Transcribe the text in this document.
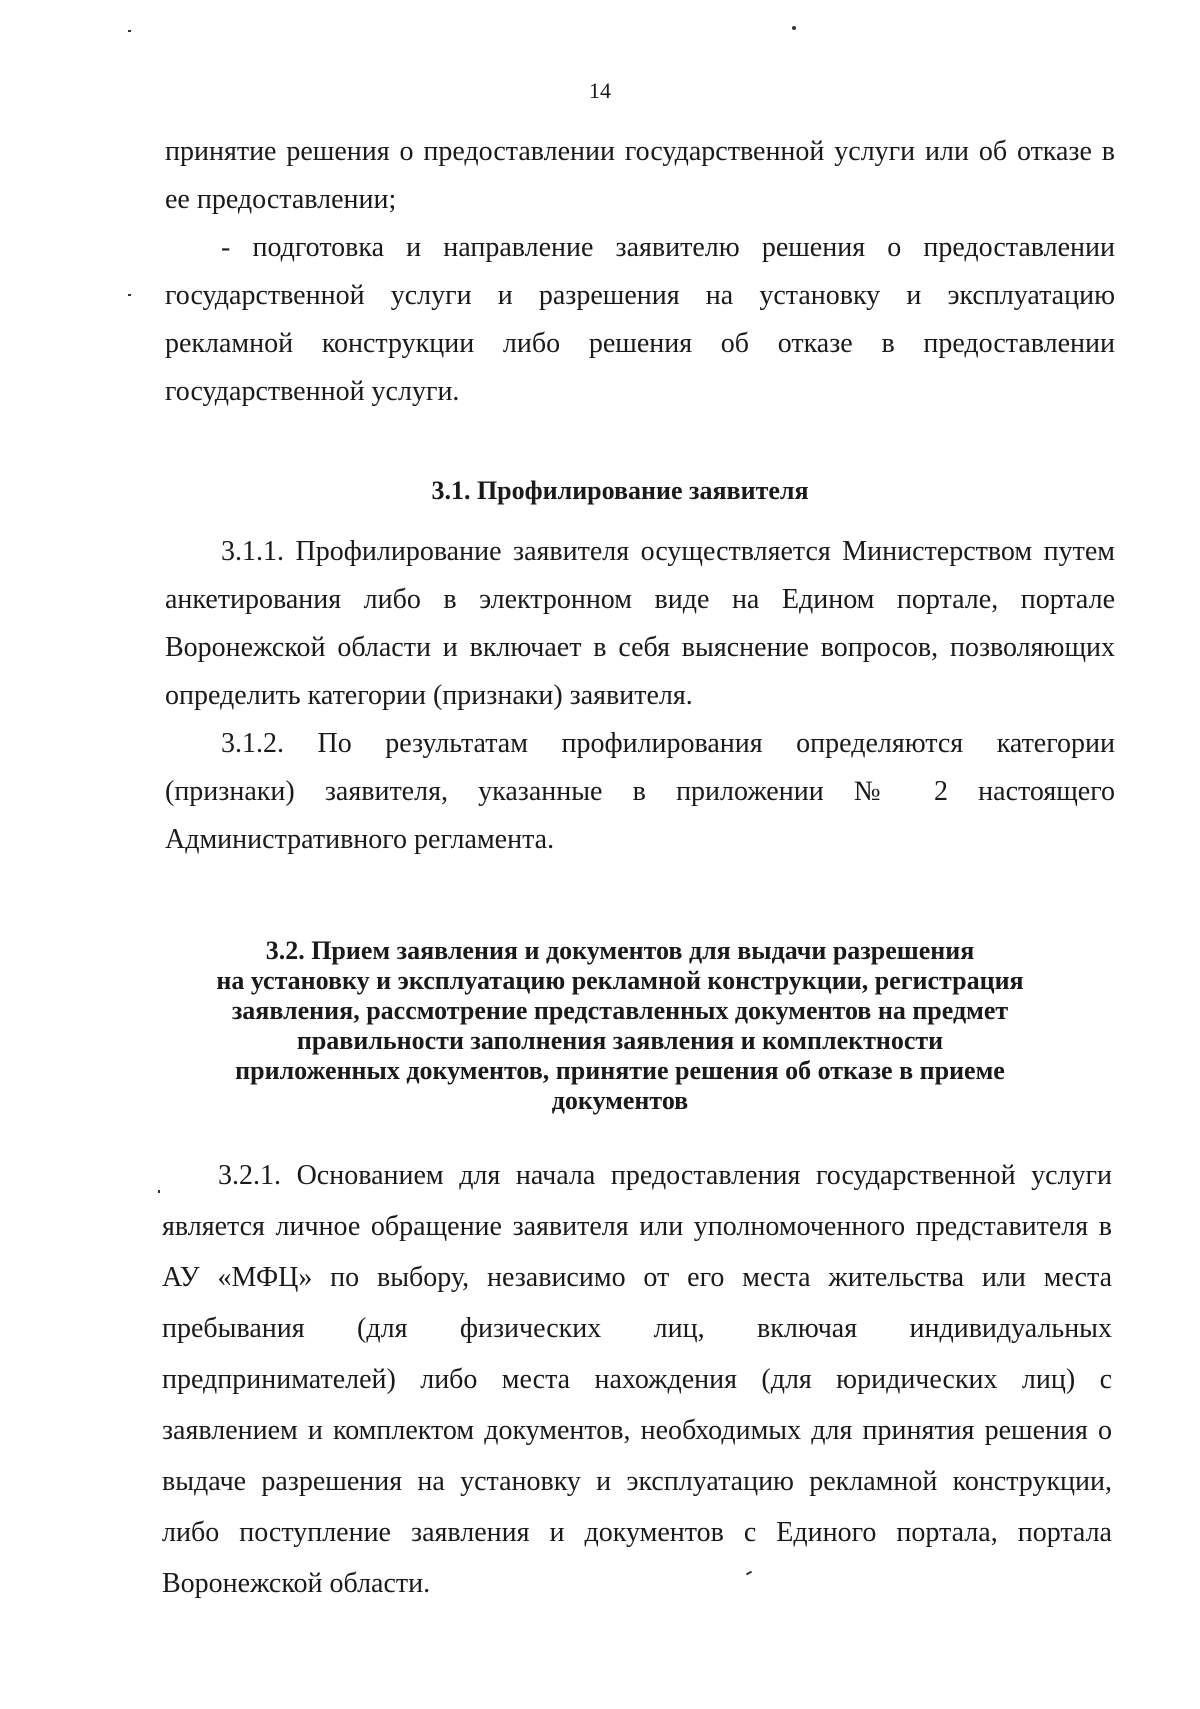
14

принятие решения о предоставлении государственной услуги или об отказе в ее предоставлении;

- подготовка и направление заявителю решения о предоставлении государственной услуги и разрешения на установку и эксплуатацию рекламной конструкции либо решения об отказе в предоставлении государственной услуги.

3.1. Профилирование заявителя

3.1.1. Профилирование заявителя осуществляется Министерством путем анкетирования либо в электронном виде на Едином портале, портале Воронежской области и включает в себя выяснение вопросов, позволяющих определить категории (признаки) заявителя.

3.1.2. По результатам профилирования определяются категории (признаки) заявителя, указанные в приложении № 2 настоящего Административного регламента.

3.2. Прием заявления и документов для выдачи разрешения
на установку и эксплуатацию рекламной конструкции, регистрация
заявления, рассмотрение представленных документов на предмет
правильности заполнения заявления и комплектности
приложенных документов, принятие решения об отказе в приеме
документов

3.2.1. Основанием для начала предоставления государственной услуги является личное обращение заявителя или уполномоченного представителя в АУ «МФЦ» по выбору, независимо от его места жительства или места пребывания (для физических лиц, включая индивидуальных предпринимателей) либо места нахождения (для юридических лиц) с заявлением и комплектом документов, необходимых для принятия решения о выдаче разрешения на установку и эксплуатацию рекламной конструкции, либо поступление заявления и документов с Единого портала, портала Воронежской области.
